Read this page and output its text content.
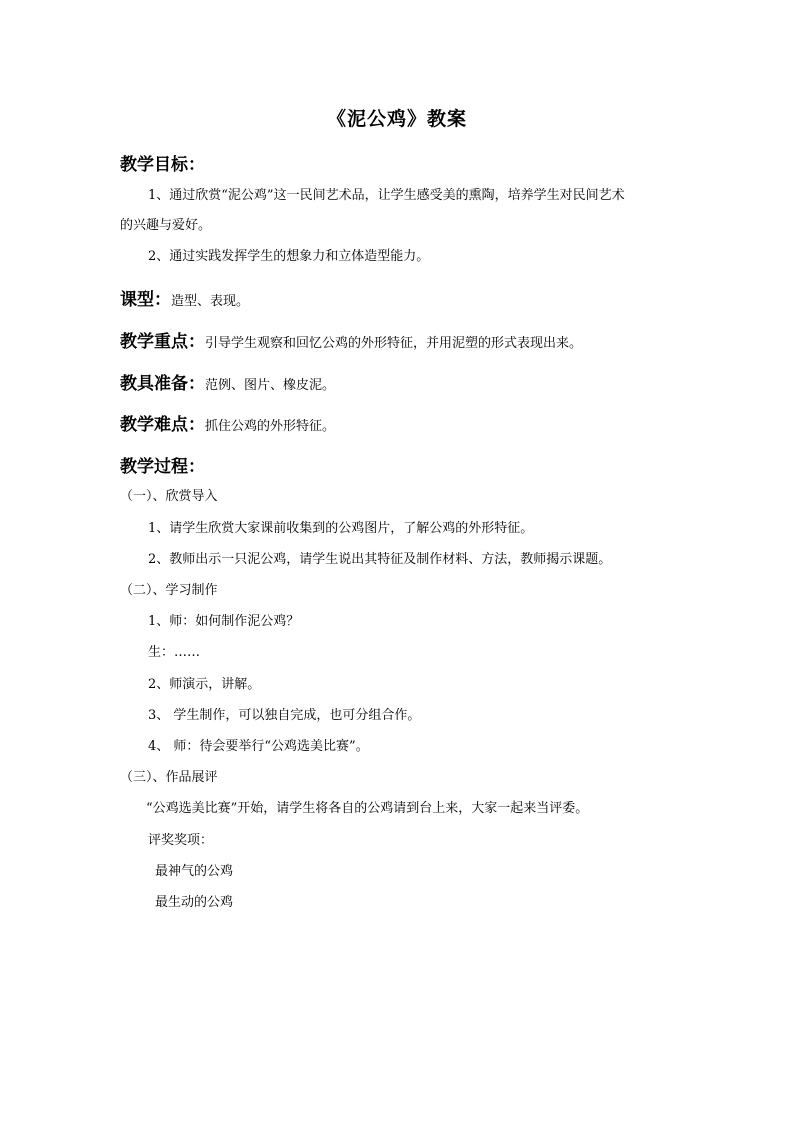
《泥公鸡》教案
教学目标：
1、通过欣赏“泥公鸡”这一民间艺术品，让学生感受美的熏陶，培养学生对民间艺术
的兴趣与爱好。
2、通过实践发挥学生的想象力和立体造型能力。
课型：造型、表现。
教学重点：引导学生观察和回忆公鸡的外形特征，并用泥塑的形式表现出来。
教具准备：范例、图片、橡皮泥。
教学难点：抓住公鸡的外形特征。
教学过程：
（一）、欣赏导入
1、请学生欣赏大家课前收集到的公鸡图片，了解公鸡的外形特征。
2、教师出示一只泥公鸡，请学生说出其特征及制作材料、方法，教师揭示课题。
（二）、学习制作
1、师：如何制作泥公鸡？
生：……
2、师演示，讲解。
3、 学生制作，可以独自完成，也可分组合作。
4、 师：待会要举行“公鸡选美比赛”。
（三）、作品展评
“公鸡选美比赛”开始，请学生将各自的公鸡请到台上来，大家一起来当评委。
评奖奖项：
最神气的公鸡
最生动的公鸡
